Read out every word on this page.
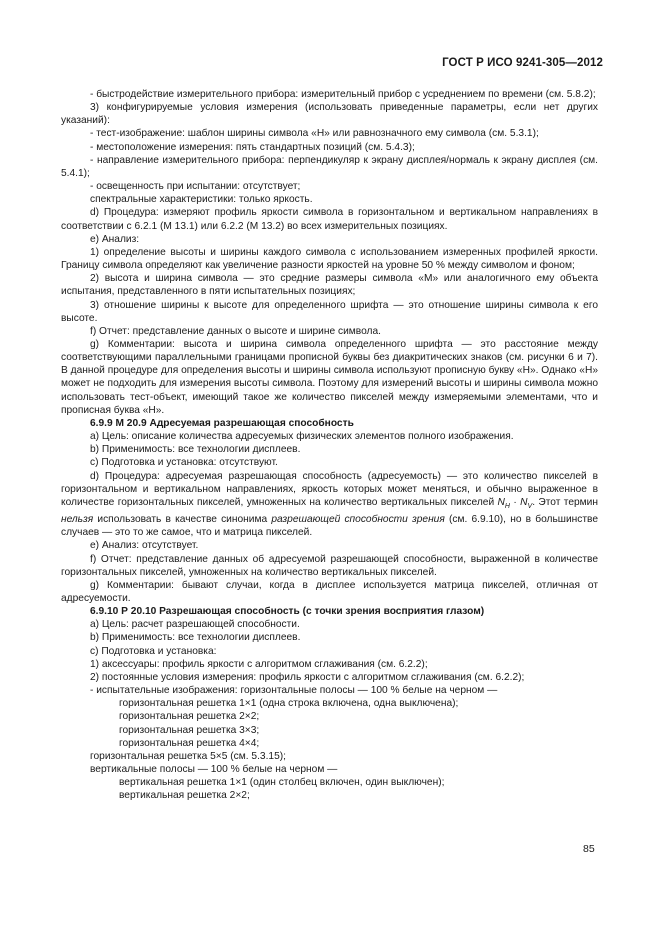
ГОСТ Р ИСО 9241-305—2012

- быстродействие измерительного прибора: измерительный прибор с усреднением по времени (см. 5.8.2);

3) конфигурируемые условия измерения (использовать приведенные параметры, если нет других указаний):

- тест-изображение: шаблон ширины символа «Н» или равнозначного ему символа (см. 5.3.1);

- местоположение измерения: пять стандартных позиций (см. 5.4.3);

- направление измерительного прибора: перпендикуляр к экрану дисплея/нормаль к экрану дисплея (см. 5.4.1);

- освещенность при испытании: отсутствует;

спектральные характеристики: только яркость.

d) Процедура: измеряют профиль яркости символа в горизонтальном и вертикальном направлениях в соответствии с 6.2.1 (М 13.1) или 6.2.2 (М 13.2) во всех измерительных позициях.

e) Анализ:

1) определение высоты и ширины каждого символа с использованием измеренных профилей яркости. Границу символа определяют как увеличение разности яркостей на уровне 50 % между символом и фоном;

2) высота и ширина символа — это средние размеры символа «М» или аналогичного ему объекта испытания, представленного в пяти испытательных позициях;

3) отношение ширины к высоте для определенного шрифта — это отношение ширины символа к его высоте.

f) Отчет: представление данных о высоте и ширине символа.

g) Комментарии: высота и ширина символа определенного шрифта — это расстояние между соответствующими параллельными границами прописной буквы без диакритических знаков (см. рисунки 6 и 7). В данной процедуре для определения высоты и ширины символа используют прописную букву «Н». Однако «Н» может не подходить для измерения высоты символа. Поэтому для измерений высоты и ширины символа можно использовать тест-объект, имеющий такое же количество пикселей между измеряемыми элементами, что и прописная буква «Н».

6.9.9 М 20.9 Адресуемая разрешающая способность

a) Цель: описание количества адресуемых физических элементов полного изображения.

b) Применимость: все технологии дисплеев.

c) Подготовка и установка: отсутствуют.

d) Процедура: адресуемая разрешающая способность (адресуемость) — это количество пикселей в горизонтальном и вертикальном направлениях, яркость которых может меняться, и обычно выраженное в количестве горизонтальных пикселей, умноженных на количество вертикальных пикселей $N_H \cdot N_V$. Этот термин нельзя использовать в качестве синонима разрешающей способности зрения (см. 6.9.10), но в большинстве случаев — это то же самое, что и матрица пикселей.

e) Анализ: отсутствует.

f) Отчет: представление данных об адресуемой разрешающей способности, выраженной в количестве горизонтальных пикселей, умноженных на количество вертикальных пикселей.

g) Комментарии: бывают случаи, когда в дисплее используется матрица пикселей, отличная от адресуемости.

6.9.10 Р 20.10 Разрешающая способность (с точки зрения восприятия глазом)

a) Цель: расчет разрешающей способности.

b) Применимость: все технологии дисплеев.

c) Подготовка и установка:

1) аксессуары: профиль яркости с алгоритмом сглаживания (см. 6.2.2);

2) постоянные условия измерения: профиль яркости с алгоритмом сглаживания (см. 6.2.2);

- испытательные изображения: горизонтальные полосы — 100 % белые на черном —

горизонтальная решетка 1×1 (одна строка включена, одна выключена);

горизонтальная решетка 2×2;

горизонтальная решетка 3×3;

горизонтальная решетка 4×4;

горизонтальная решетка 5×5 (см. 5.3.15);

вертикальные полосы — 100 % белые на черном —

вертикальная решетка 1×1 (один столбец включен, один выключен);

вертикальная решетка 2×2;

85
